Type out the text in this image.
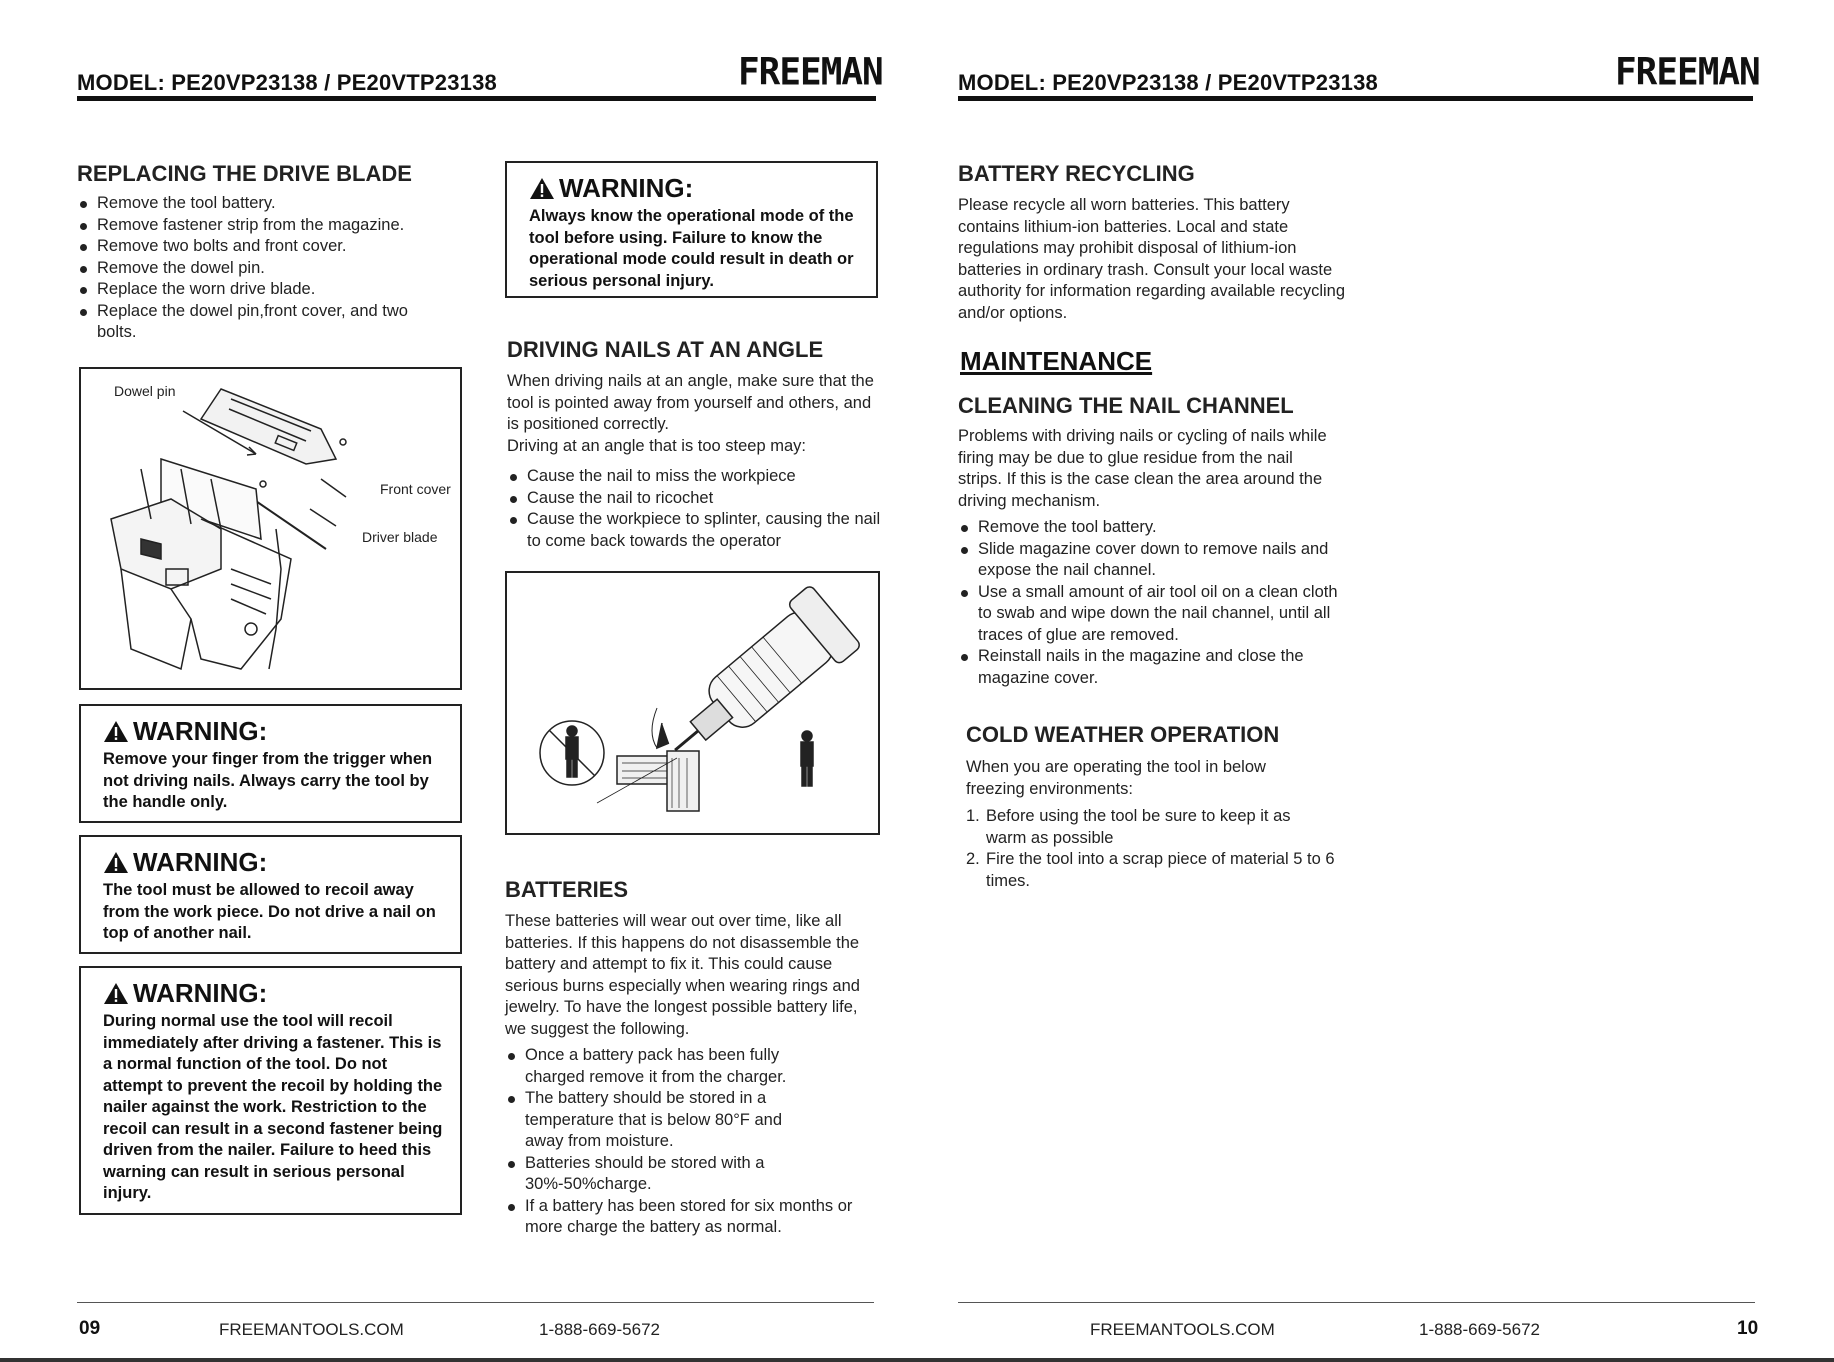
MODEL: PE20VP23138 / PE20VTP23138	FREEMAN
REPLACING THE DRIVE BLADE
Remove the tool battery.
Remove fastener strip from the magazine.
Remove two bolts and front cover.
Remove the dowel pin.
Replace the worn drive blade.
Replace the dowel pin,front cover, and two bolts.
Dowel pin
Front cover
Driver blade
WARNING:

Remove your finger from the trigger when not driving nails. Always carry the tool by the handle only.

WARNING:

The tool must be allowed to recoil away from the work piece. Do not drive a nail on top of another nail.

WARNING:

During normal use the tool will recoil immediately after driving a fastener. This is a normal function of the tool. Do not attempt to prevent the recoil by holding the nailer against the work. Restriction to the recoil can result in a second fastener being driven from the nailer. Failure to heed this warning can result in serious personal injury.

WARNING:

Always know the operational mode of the tool before using. Failure to know the operational mode could result in death or serious personal injury.

DRIVING NAILS AT AN ANGLE

When driving nails at an angle, make sure that the tool is pointed away from yourself and others, and is positioned correctly.

Driving at an angle that is too steep may:

Cause the nail to miss the workpiece
Cause the nail to ricochet
Cause the workpiece to splinter, causing the nail to come back towards the operator
BATTERIES

These batteries will wear out over time, like all batteries. If this happens do not disassemble the battery and attempt to fix it. This could cause serious burns especially when wearing rings and jewelry. To have the longest possible battery life, we suggest the following.

Once a battery pack has been fully charged remove it from the charger.
The battery should be stored in a temperature that is below 80°F and away from moisture.
Batteries should be stored with a 30%-50%charge.
If a battery has been stored for six months or more charge the battery as normal.
09	FREEMANTOOLS.COM	1-888-669-5672
MODEL: PE20VP23138 / PE20VTP23138	FREEMAN
BATTERY RECYCLING

Please recycle all worn batteries. This battery contains lithium-ion batteries. Local and state regulations may prohibit disposal of lithium-ion batteries in ordinary trash. Consult your local waste authority for information regarding available recycling and/or options.

MAINTENANCE
CLEANING THE NAIL CHANNEL

Problems with driving nails or cycling of nails while firing may be due to glue residue from the nail strips. If this is the case clean the area around the driving mechanism.

Remove the tool battery.
Slide magazine cover down to remove nails and expose the nail channel.
Use a small amount of air tool oil on a clean cloth to swab and wipe down the nail channel, until all traces of glue are removed.
Reinstall nails in the magazine and close the magazine cover.
COLD WEATHER OPERATION

When you are operating the tool in below freezing environments:

1. Before using the tool be sure to keep it as warm as possible
2. Fire the tool into a scrap piece of material 5 to 6 times.
FREEMANTOOLS.COM	1-888-669-5672	10
